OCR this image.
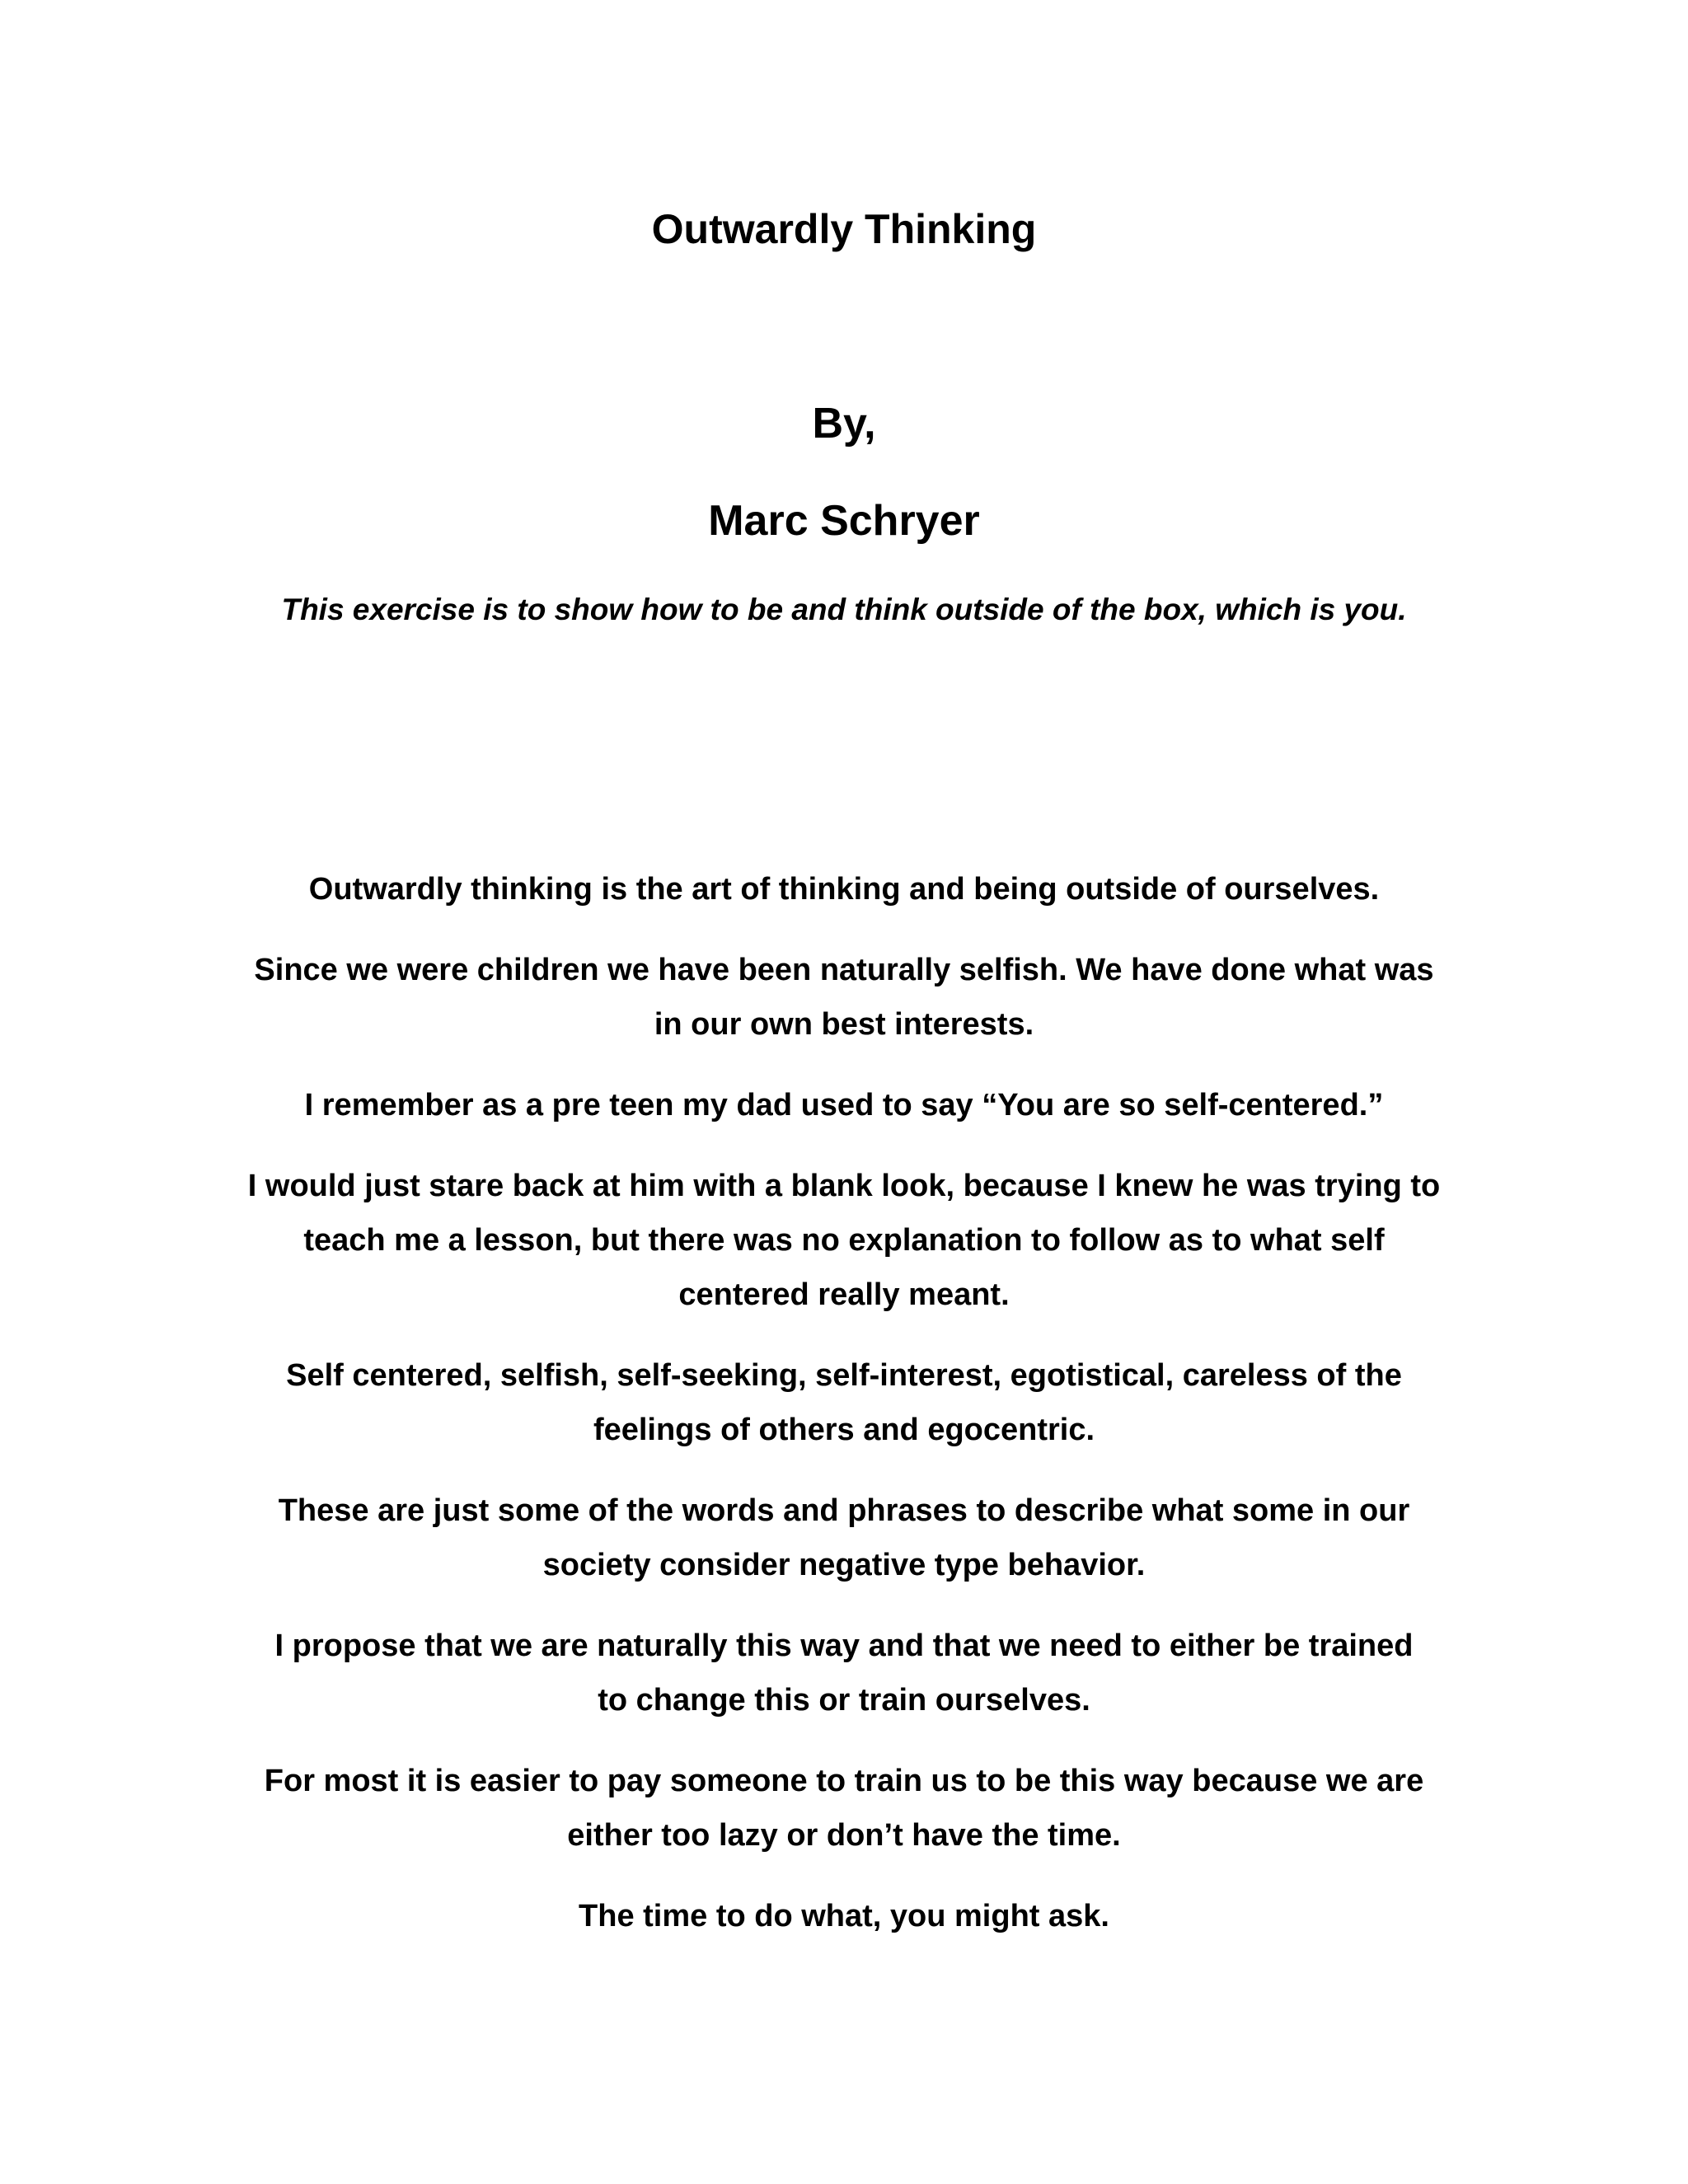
Outwardly Thinking
By,
Marc Schryer

This exercise is to show how to be and think outside of the box, which is you.

Outwardly thinking is the art of thinking and being outside of ourselves.

Since we were children we have been naturally selfish. We have done what was
in our own best interests.

I remember as a pre teen my dad used to say “You are so self-centered.”

I would just stare back at him with a blank look, because I knew he was trying to
teach me a lesson, but there was no explanation to follow as to what self
centered really meant.

Self centered, selfish, self-seeking, self-interest, egotistical, careless of the
feelings of others and egocentric.

These are just some of the words and phrases to describe what some in our
society consider negative type behavior.

I propose that we are naturally this way and that we need to either be trained
to change this or train ourselves.

For most it is easier to pay someone to train us to be this way because we are
either too lazy or don’t have the time.

The time to do what, you might ask.
